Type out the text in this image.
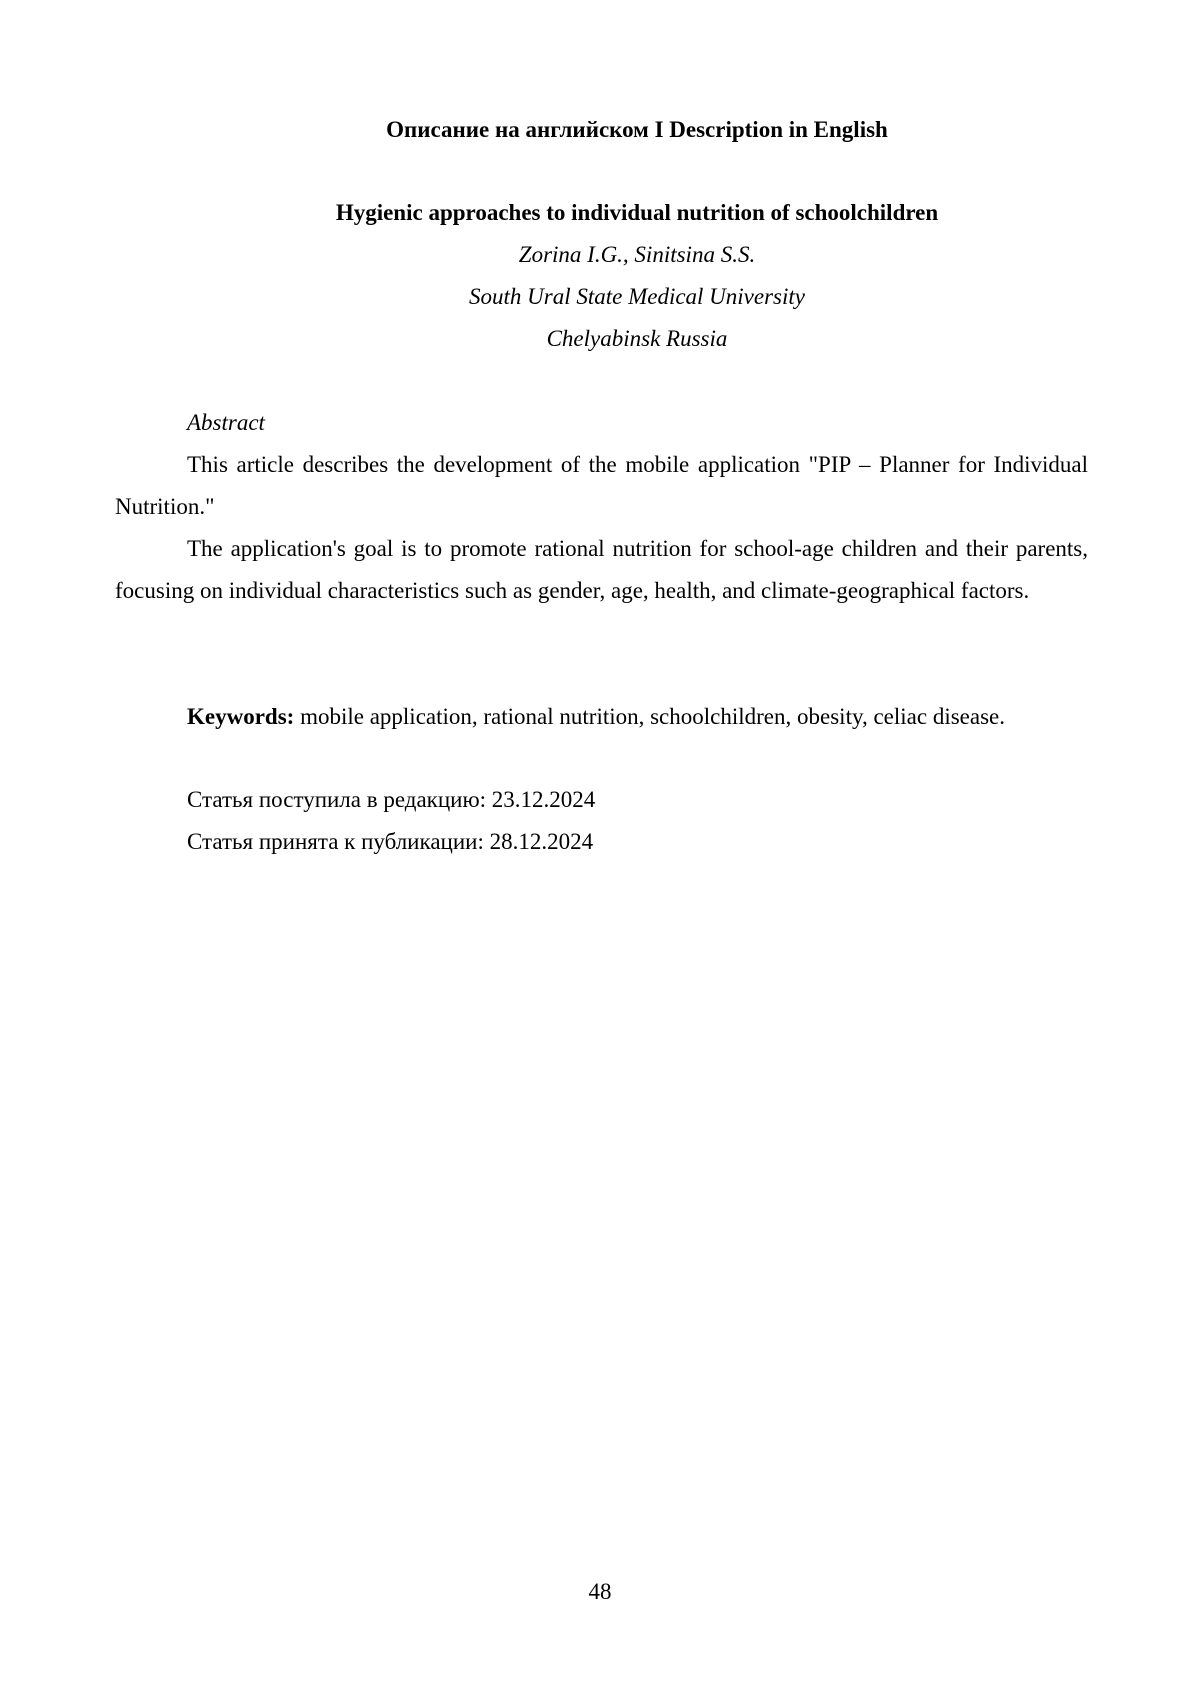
Описание на английском I Description in English
Hygienic approaches to individual nutrition of schoolchildren
Zorina I.G., Sinitsina S.S.
South Ural State Medical University
Chelyabinsk Russia
Abstract
This article describes the development of the mobile application "PIP – Planner for Individual Nutrition."
The application's goal is to promote rational nutrition for school-age children and their parents, focusing on individual characteristics such as gender, age, health, and climate-geographical factors.
Keywords: mobile application, rational nutrition, schoolchildren, obesity, celiac disease.
Статья поступила в редакцию: 23.12.2024
Статья принята к публикации: 28.12.2024
48
